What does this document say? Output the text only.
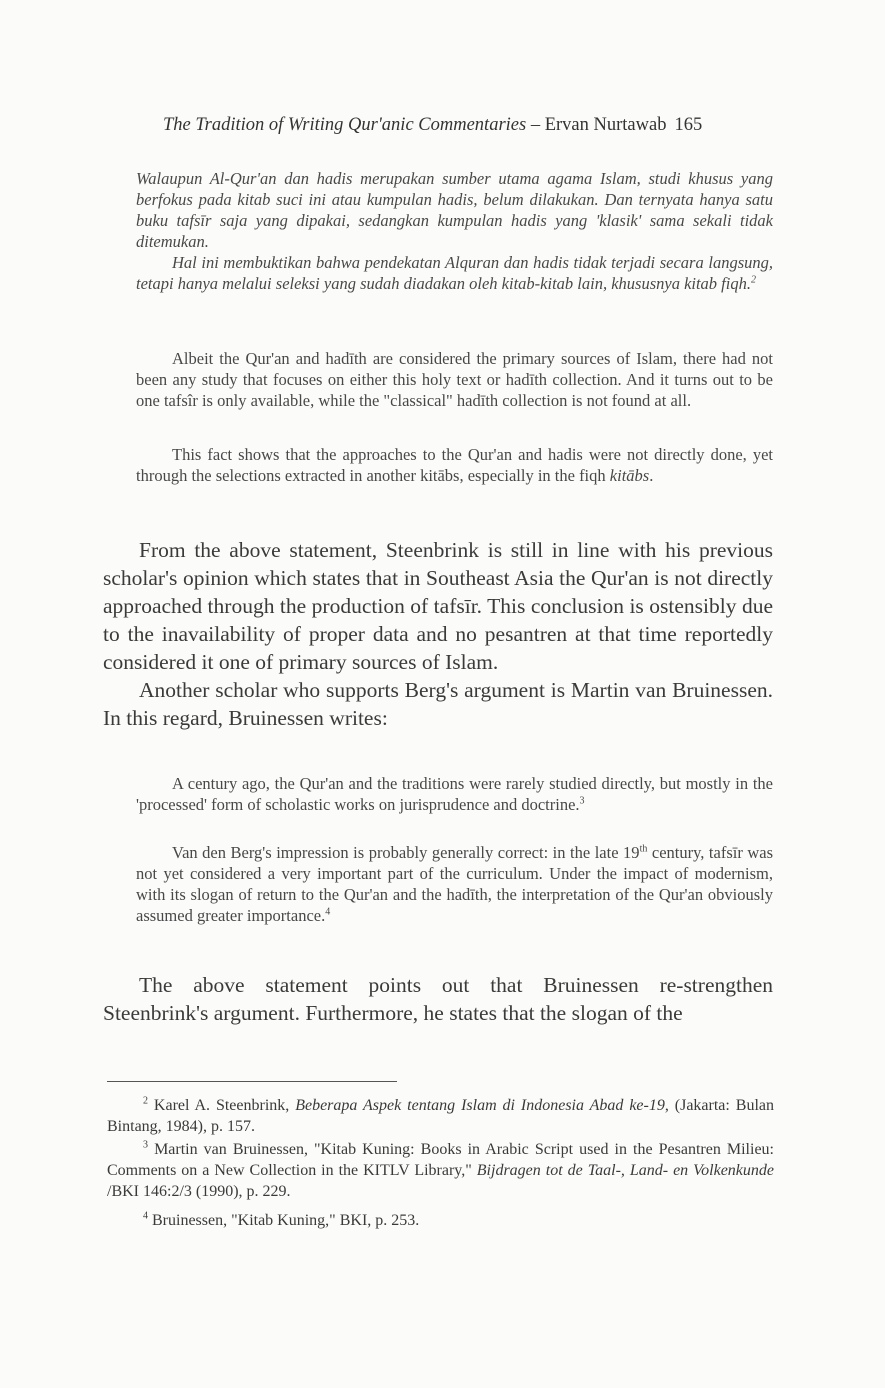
The Tradition of Writing Qur'anic Commentaries – Ervan Nurtawab 165

Walaupun Al-Qur'an dan hadis merupakan sumber utama agama Islam, studi khusus yang berfokus pada kitab suci ini atau kumpulan hadis, belum dilakukan. Dan ternyata hanya satu buku tafsīr saja yang dipakai, sedangkan kumpulan hadis yang 'klasik' sama sekali tidak ditemukan.

Hal ini membuktikan bahwa pendekatan Alquran dan hadis tidak terjadi secara langsung, tetapi hanya melalui seleksi yang sudah diadakan oleh kitab-kitab lain, khususnya kitab fiqh.$^2$

Albeit the Qur'an and hadīth are considered the primary sources of Islam, there had not been any study that focuses on either this holy text or hadīth collection. And it turns out to be one tafsîr is only available, while the "classical" hadīth collection is not found at all.

This fact shows that the approaches to the Qur'an and hadis were not directly done, yet through the selections extracted in another kitābs, especially in the fiqh kitābs.

From the above statement, Steenbrink is still in line with his previous scholar's opinion which states that in Southeast Asia the Qur'an is not directly approached through the production of tafsīr. This conclusion is ostensibly due to the inavailability of proper data and no pesantren at that time reportedly considered it one of primary sources of Islam.

Another scholar who supports Berg's argument is Martin van Bruinessen. In this regard, Bruinessen writes:

A century ago, the Qur'an and the traditions were rarely studied directly, but mostly in the 'processed' form of scholastic works on jurisprudence and doctrine.$^3$

Van den Berg's impression is probably generally correct: in the late 19th century, tafsīr was not yet considered a very important part of the curriculum. Under the impact of modernism, with its slogan of return to the Qur'an and the hadīth, the interpretation of the Qur'an obviously assumed greater importance.$^4$

The above statement points out that Bruinessen re-strengthen Steenbrink's argument. Furthermore, he states that the slogan of the

$^2$ Karel A. Steenbrink, Beberapa Aspek tentang Islam di Indonesia Abad ke-19, (Jakarta: Bulan Bintang, 1984), p. 157.

$^3$ Martin van Bruinessen, "Kitab Kuning: Books in Arabic Script used in the Pesantren Milieu: Comments on a New Collection in the KITLV Library," Bijdragen tot de Taal-, Land- en Volkenkunde /BKI 146:2/3 (1990), p. 229.

$^4$ Bruinessen, "Kitab Kuning," BKI, p. 253.
